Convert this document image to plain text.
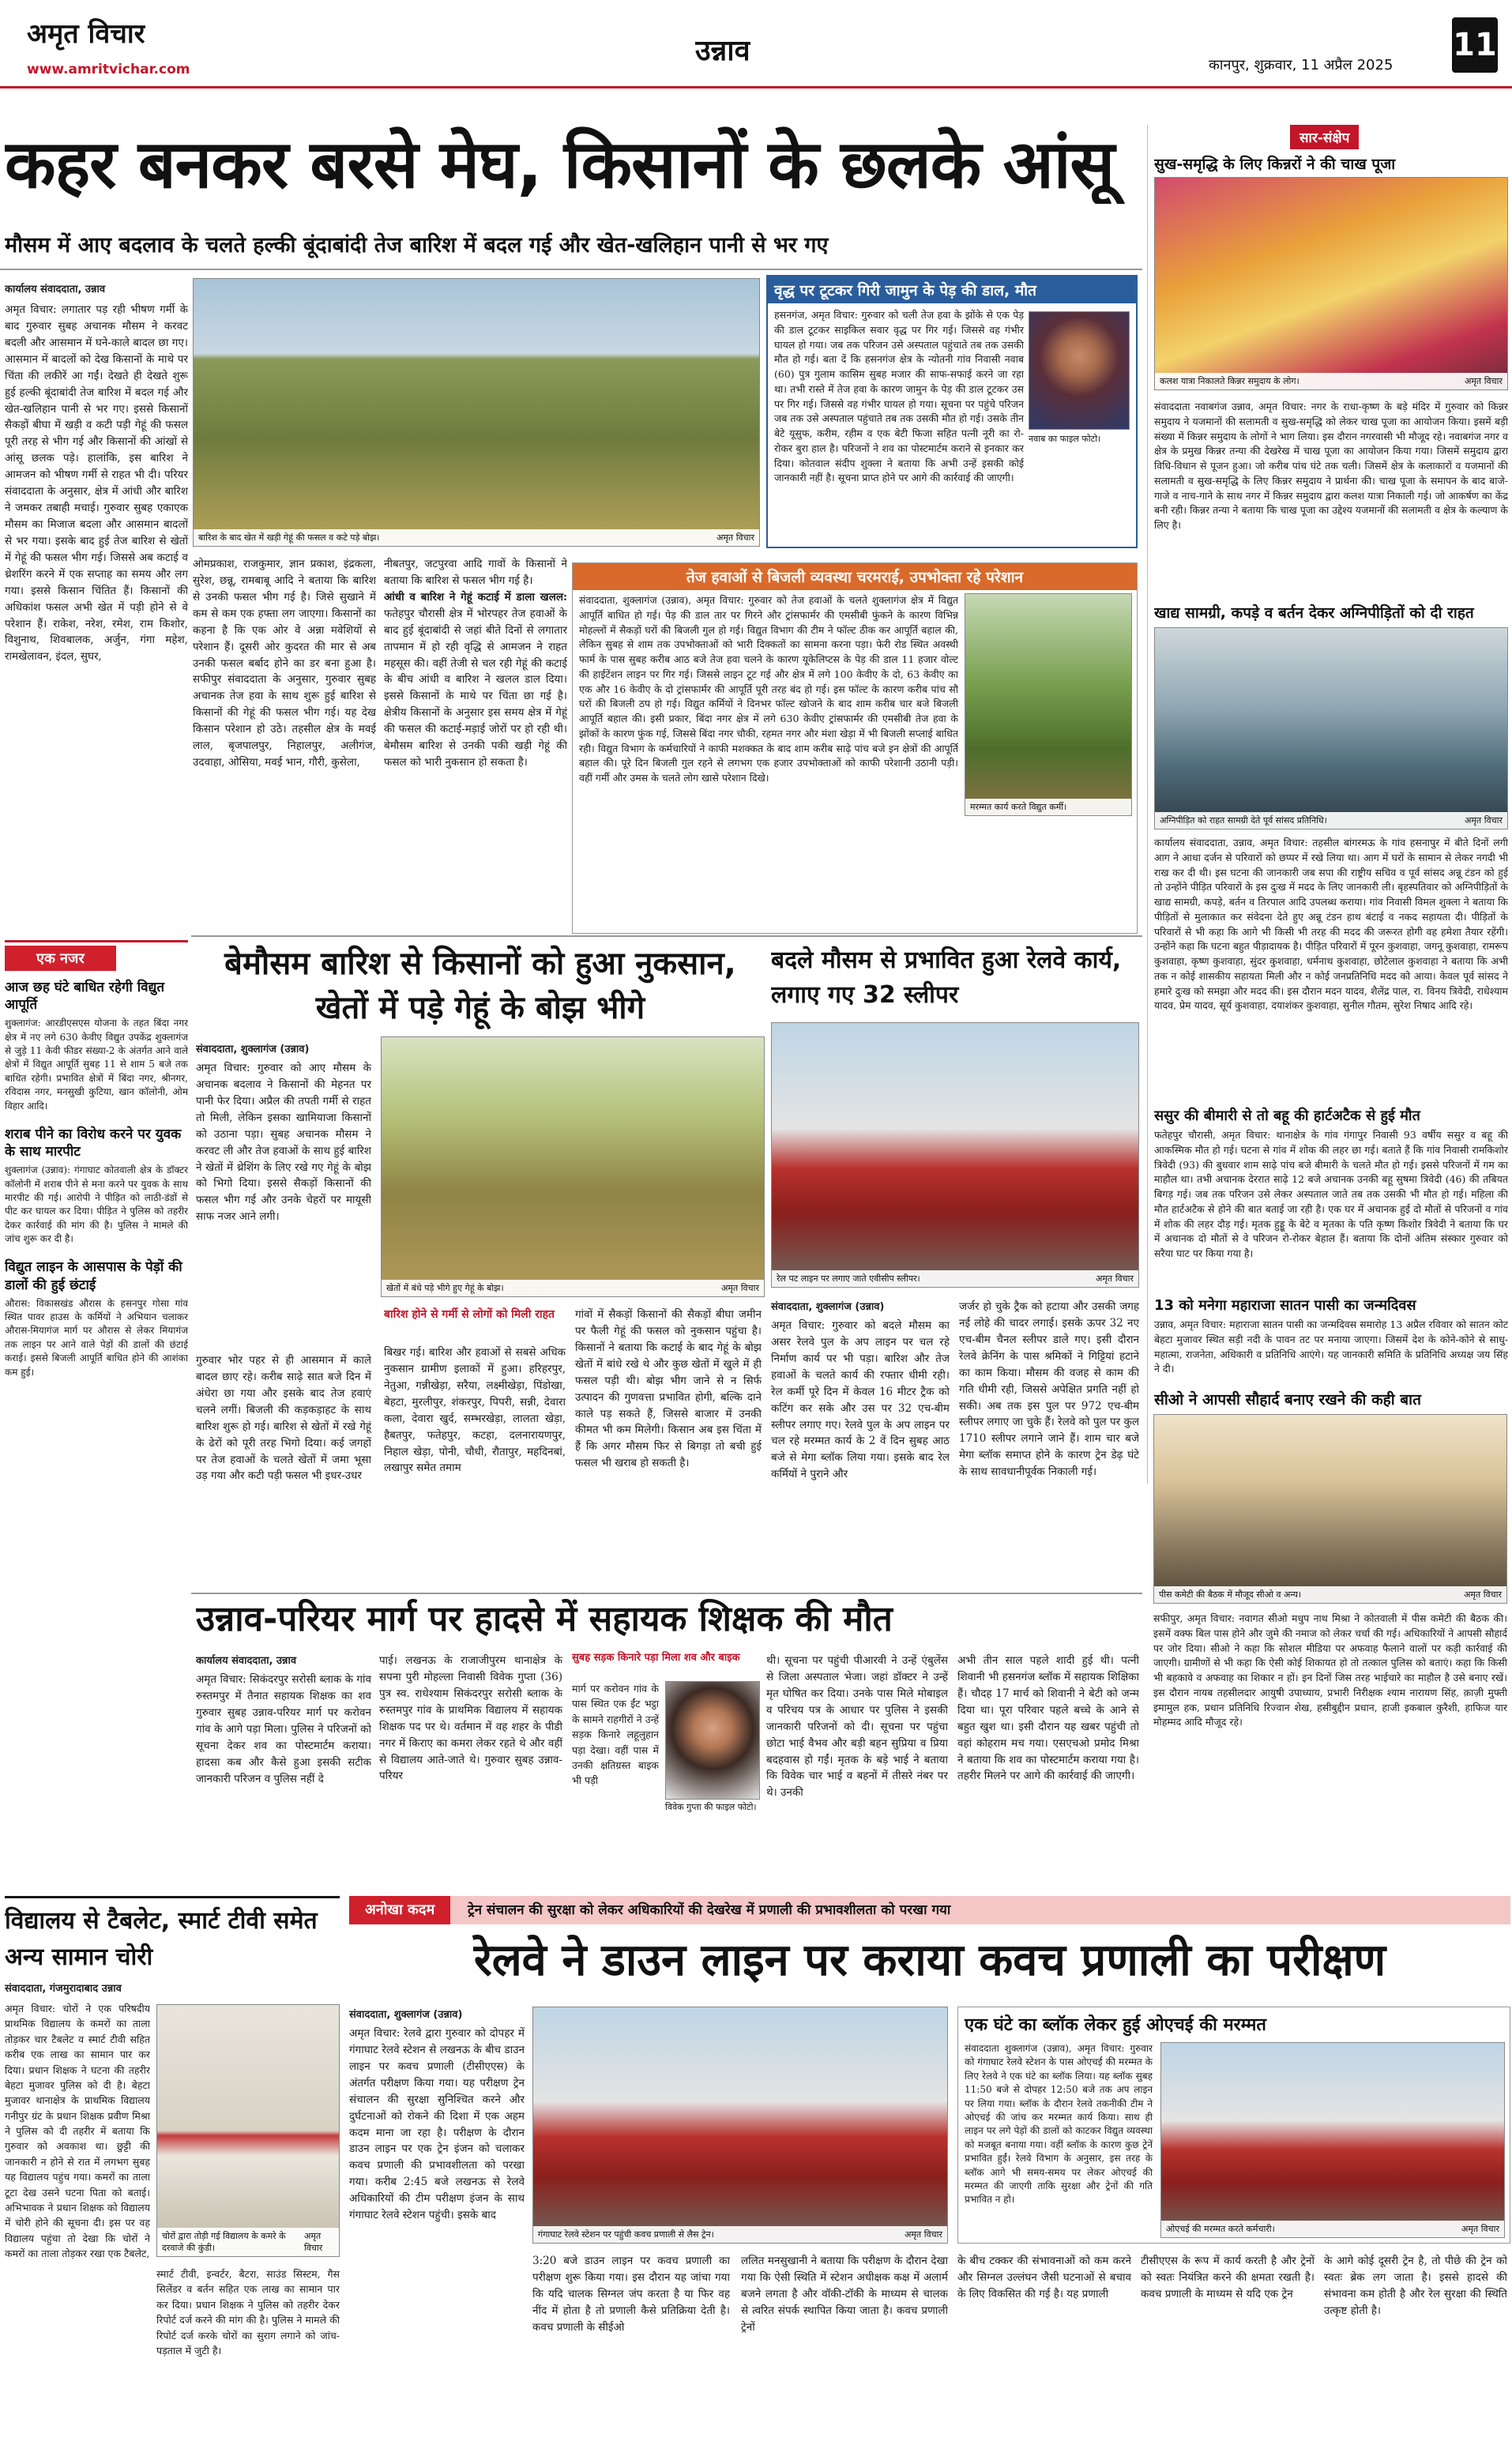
अमृत विचार
www.amritvichar.com
उन्नाव	कानपुर, शुक्रवार, 11 अप्रैल 2025
11
कहर बनकर बरसे मेघ, किसानों के छलके आंसू
मौसम में आए बदलाव के चलते हल्की बूंदाबांदी तेज बारिश में बदल गई और खेत-खलिहान पानी से भर गए
कार्यालय संवाददाता, उन्नाव
अमृत विचार: लगातार पड़ रही भीषण गर्मी के बाद गुरुवार सुबह अचानक मौसम ने करवट बदली और आसमान में घने-काले बादल छा गए। आसमान में बादलों को देख किसानों के माथे पर चिंता की लकीरें आ गईं। देखते ही देखते शुरू हुई हल्की बूंदाबांदी तेज बारिश में बदल गई और खेत-खलिहान पानी से भर गए। इससे किसानों सैकड़ों बीघा में खड़ी व कटी पड़ी गेहूं की फसल पूरी तरह से भीग गई और किसानों की आंखों से आंसू छलक पड़े। हालांकि, इस बारिश ने आमजन को भीषण गर्मी से राहत भी दी। परियर संवाददाता के अनुसार, क्षेत्र में आंधी और बारिश ने जमकर तबाही मचाई। गुरुवार सुबह एकाएक मौसम का मिजाज बदला और आसमान बादलों से भर गया। इसके बाद हुई तेज बारिश से खेतों में गेहूं की फसल भीग गई। जिससे अब कटाई व थ्रेशरिंग करने में एक सप्ताह का समय और लग गया। इससे किसान चिंतित हैं। किसानों की अधिकांश फसल अभी खेत में पड़ी होने से वे परेशान हैं। राकेश, नरेश, रमेश, राम किशोर, विशुनाथ, शिवबालक, अर्जुन, गंगा महेश, रामखेलावन, इंदल, सुघर,
बारिश के बाद खेत में खड़ी गेहूं की फसल व कटे पड़े बोझ।	अमृत विचार
ओमप्रकाश, राजकुमार, ज्ञान प्रकाश, इंद्रकला, सुरेश, छन्नू, रामबाबू आदि ने बताया कि बारिश से उनकी फसल भीग गई है। जिसे सुखाने में कम से कम एक हफ्ता लग जाएगा। किसानों का कहना है कि एक ओर वे अन्ना मवेशियों से परेशान हैं। दूसरी ओर कुदरत की मार से अब उनकी फसल बर्बाद होने का डर बना हुआ है। सफीपुर संवाददाता के अनुसार, गुरुवार सुबह अचानक तेज हवा के साथ शुरू हुई बारिश से किसानों की गेहूं की फसल भीग गई। यह देख किसान परेशान हो उठे। तहसील क्षेत्र के मवई लाल, बृजपालपुर, निहालपुर, अलीगंज, उदवाहा, ओसिया, मवई भान, गौरी, कुसेला,
नीबतपुर, जटपुरवा आदि गावों के किसानों ने बताया कि बारिश से फसल भीग गई है।
आंधी व बारिश ने गेहूं कटाई में डाला खलल: फतेहपुर चौरासी क्षेत्र में भोरपहर तेज हवाओं के बाद हुई बूंदाबांदी से जहां बीते दिनों से लगातार तापमान में हो रही वृद्धि से आमजन ने राहत महसूस की। वहीं तेजी से चल रही गेहूं की कटाई के बीच आंधी व बारिश ने खलल डाल दिया। इससे किसानों के माथे पर चिंता छा गई है। क्षेत्रीय किसानों के अनुसार इस समय क्षेत्र में गेहूं की फसल की कटाई-मड़ाई जोरों पर हो रही थी। बेमौसम बारिश से उनकी पकी खड़ी गेहूं की फसल को भारी नुकसान हो सकता है।
वृद्ध पर टूटकर गिरी जामुन के पेड़ की डाल, मौत
नवाब का फाइल फोटो।
हसनगंज, अमृत विचार: गुरुवार को चली तेज हवा के झोंके से एक पेड़ की डाल टूटकर साइकिल सवार वृद्ध पर गिर गई। जिससे वह गंभीर घायल हो गया। जब तक परिजन उसे अस्पताल पहुंचाते तब तक उसकी मौत हो गई। बता दें कि हसनगंज क्षेत्र के न्योतनी गांव निवासी नवाब (60) पुत्र गुलाम कासिम सुबह मजार की साफ-सफाई करने जा रहा था। तभी रास्ते में तेज हवा के कारण जामुन के पेड़ की डाल टूटकर उस पर गिर गई। जिससे वह गंभीर घायल हो गया। सूचना पर पहुंचे परिजन जब तक उसे अस्पताल पहुंचाते तब तक उसकी मौत हो गई। उसके तीन बेटे यूसुफ, करीम, रहीम व एक बेटी फिजा सहित पत्नी नूरी का रो-रोकर बुरा हाल है। परिजनों ने शव का पोस्टमार्टम कराने से इनकार कर दिया। कोतवाल संदीप शुक्ला ने बताया कि अभी उन्हें इसकी कोई जानकारी नहीं है। सूचना प्राप्त होने पर आगे की कार्रवाई की जाएगी।
तेज हवाओं से बिजली व्यवस्था चरमराई, उपभोक्ता रहे परेशान
संवाददाता, शुक्लागंज (उन्नाव), अमृत विचार: गुरुवार को तेज हवाओं के चलते शुक्लागंज क्षेत्र में विद्युत आपूर्ति बाधित हो गई। पेड़ की डाल तार पर गिरने और ट्रांसफार्मर की एमसीबी फुंकने के कारण विभिन्न मोहल्लों में सैकड़ों घरों की बिजली गुल हो गई। विद्युत विभाग की टीम ने फॉल्ट ठीक कर आपूर्ति बहाल की, लेकिन सुबह से शाम तक उपभोक्ताओं को भारी दिक्कतों का सामना करना पड़ा। फेरी रोड स्थित अवस्थी फार्म के पास सुबह करीब आठ बजे तेज हवा चलने के कारण यूकेलिप्टस के पेड़ की डाल 11 हजार वोल्ट की हाईटेंशन लाइन पर गिर गई। जिससे लाइन टूट गई और क्षेत्र में लगे 100 केवीए के दो, 63 केवीए का एक और 16 केवीए के दो ट्रांसफार्मर की आपूर्ति पूरी तरह बंद हो गई। इस फॉल्ट के कारण करीब पांच सौ घरों की बिजली ठप हो गई। विद्युत कर्मियों ने दिनभर फॉल्ट खोजने के बाद शाम करीब चार बजे बिजली आपूर्ति बहाल की। इसी प्रकार, बिंदा नगर क्षेत्र में लगे 630 केवीए ट्रांसफार्मर की एमसीबी तेज हवा के झोंकों के कारण फुंक गई, जिससे बिंदा नगर चौकी, रहमत नगर और मंशा खेड़ा में भी बिजली सप्लाई बाधित रही। विद्युत विभाग के कर्मचारियों ने काफी मशक्कत के बाद शाम करीब साढ़े पांच बजे इन क्षेत्रों की आपूर्ति बहाल की। पूरे दिन बिजली गुल रहने से लगभग एक हजार उपभोक्ताओं को काफी परेशानी उठानी पड़ी। वहीं गर्मी और उमस के चलते लोग खासे परेशान दिखे।
मरम्मत कार्य करते विद्युत कर्मी।
सार-संक्षेप
सुख-समृद्धि के लिए किन्नरों ने की चाख पूजा
कलश यात्रा निकालते किन्नर समुदाय के लोग।	अमृत विचार
संवाददाता नवाबगंज उन्नाव, अमृत विचार: नगर के राधा-कृष्ण के बड़े मंदिर में गुरुवार को किन्नर समुदाय ने यजमानों की सलामती व सुख-समृद्धि को लेकर चाख पूजा का आयोजन किया। इसमें बड़ी संख्या में किन्नर समुदाय के लोगों ने भाग लिया। इस दौरान नगरवासी भी मौजूद रहे। नवाबगंज नगर व क्षेत्र के प्रमुख किन्नर तन्या की देखरेख में चाख पूजा का आयोजन किया गया। जिसमें समुदाय द्वारा विधि-विधान से पूजन हुआ। जो करीब पांच घंटे तक चली। जिसमें क्षेत्र के कलाकारों व यजमानों की सलामती व सुख-समृद्धि के लिए किन्नर समुदाय ने प्रार्थना की। चाख पूजा के समापन के बाद बाजे-गाजे व नाच-गाने के साथ नगर में किन्नर समुदाय द्वारा कलश यात्रा निकाली गई। जो आकर्षण का केंद्र बनी रही। किन्नर तन्या ने बताया कि चाख पूजा का उद्देश्य यजमानों की सलामती व क्षेत्र के कल्याण के लिए है।
खाद्य सामग्री, कपड़े व बर्तन देकर अग्निपीड़ितों को दी राहत
अग्निपीड़ित को राहत सामग्री देते पूर्व सांसद प्रतिनिधि।	अमृत विचार
कार्यालय संवाददाता, उन्नाव, अमृत विचार: तहसील बांगरमऊ के गांव हसनापुर में बीते दिनों लगी आग ने आधा दर्जन से परिवारों को छप्पर में रखे लिया था। आग में घरों के सामान से लेकर नगदी भी राख कर दी थी। इस घटना की जानकारी जब सपा की राष्ट्रीय सचिव व पूर्व सांसद अन्नू टंडन को हुई तो उन्होंने पीड़ित परिवारों के इस दुःख में मदद के लिए जानकारी ली। बृहस्पतिवार को अग्निपीड़ितों के खाद्य सामग्री, कपड़े, बर्तन व तिरपाल आदि उपलब्ध कराया। गांव निवासी विमल शुक्ला ने बताया कि पीड़ितों से मुलाकात कर संवेदना देते हुए अन्नू टंडन हाथ बंटाई व नकद सहायता दी। पीड़ितों के परिवारों से भी कहा कि आगे भी किसी भी तरह की मदद की जरूरत होगी वह हमेशा तैयार रहेंगी। उन्होंने कहा कि घटना बहुत पीड़ादायक है। पीड़ित परिवारों में पूरन कुशवाहा, जगनू कुशवाहा, रामरूप कुशवाहा, कृष्ण कुशवाहा, सुंदर कुशवाहा, धर्मनाथ कुशवाहा, छोटेलाल कुशवाहा ने बताया कि अभी तक न कोई शासकीय सहायता मिली और न कोई जनप्रतिनिधि मदद को आया। केवल पूर्व सांसद ने हमारे दुःख को समझा और मदद की। इस दौरान मदन यादव, शैलेंद्र पाल, रा. विनय त्रिवेदी, राधेश्याम यादव, प्रेम यादव, सूर्य कुशवाहा, दयाशंकर कुशवाहा, सुनील गौतम, सुरेश निषाद आदि रहे।
ससुर की बीमारी से तो बहू की हार्टअटैक से हुई मौत
फतेहपुर चौरासी, अमृत विचार: थानाक्षेत्र के गांव गंगापुर निवासी 93 वर्षीय ससुर व बहू की आकस्मिक मौत हो गई। घटना से गांव में शोक की लहर छा गई। बताते हैं कि गांव निवासी रामकिशोर त्रिवेदी (93) की बुधवार शाम साढ़े पांच बजे बीमारी के चलते मौत हो गई। इससे परिजनों में गम का माहौल था। तभी अचानक देररात साढ़े 12 बजे अचानक उनकी बहू सुषमा त्रिवेदी (46) की तबियत बिगड़ गई। जब तक परिजन उसे लेकर अस्पताल जाते तब तक उसकी भी मौत हो गई। महिला की मौत हार्टअटैक से होने की बात बताई जा रही है। एक घर में अचानक हुई दो मौतों से परिजनों व गांव में शोक की लहर दौड़ गई। मृतक हुड्डू के बेटे व मृतका के पति कृष्ण किशोर त्रिवेदी ने बताया कि घर में अचानक दो मौतों से वे परिजन रो-रोकर बेहाल हैं। बताया कि दोनों अंतिम संस्कार गुरुवार को सरैया घाट पर किया गया है।
13 को मनेगा महाराजा सातन पासी का जन्मदिवस
उन्नाव, अमृत विचार: महाराजा सातन पासी का जन्मदिवस समारोह 13 अप्रैल रविवार को सातन कोट बेहटा मुजावर स्थित सड़ी नदी के पावन तट पर मनाया जाएगा। जिसमें देश के कोने-कोने से साधु-महात्मा, राजनेता, अधिकारी व प्रतिनिधि आएंगे। यह जानकारी समिति के प्रतिनिधि अध्यक्ष जय सिंह ने दी।
सीओ ने आपसी सौहार्द बनाए रखने की कही बात
पीस कमेटी की बैठक में मौजूद सीओ व अन्य।	अमृत विचार
सफीपुर, अमृत विचार: नवागत सीओ मधुप नाथ मिश्रा ने कोतवाली में पीस कमेटी की बैठक की। इसमें वक्फ बिल पास होने और जुमे की नमाज को लेकर चर्चा की गई। अधिकारियों ने आपसी सौहार्द पर जोर दिया। सीओ ने कहा कि सोशल मीडिया पर अफवाह फैलाने वालों पर कड़ी कार्रवाई की जाएगी। ग्रामीणों से भी कहा कि ऐसी कोई शिकायत हो तो तत्काल पुलिस को बताएं। कहा कि किसी भी बहकावे व अफवाह का शिकार न हों। इन दिनों जिस तरह भाईचारे का माहौल है उसे बनाए रखें। इस दौरान नायब तहसीलदार आयुषी उपाध्याय, प्रभारी निरीक्षक श्याम नारायण सिंह, क़ाज़ी मुफ्ती इमामुल हक, प्रधान प्रतिनिधि रिज्वान शेख, हसीबुद्दीन प्रधान, हाजी इकबाल कुरैशी, हाफिज यार मोहम्मद आदि मौजूद रहे।
एक नजर
आज छह घंटे बाधित रहेगी विद्युत आपूर्ति
शुक्लागंज: आरडीएसएस योजना के तहत बिंदा नगर क्षेत्र में नए लगे 630 केवीए विद्युत उपकेंद्र शुक्लागंज से जुड़े 11 केवी फीडर संख्या-2 के अंतर्गत आने वाले क्षेत्रों में विद्युत आपूर्ति सुबह 11 से शाम 5 बजे तक बाधित रहेगी। प्रभावित क्षेत्रों में बिंदा नगर, श्रीनगर, रविदास नगर, मनसुखी कुटिया, खान कॉलोनी, ओम विहार आदि।
शराब पीने का विरोध करने पर युवक के साथ मारपीट
शुक्लागंज (उन्नाव): गंगाघाट कोतवाली क्षेत्र के डॉक्टर कॉलोनी में शराब पीने से मना करने पर युवक के साथ मारपीट की गई। आरोपी ने पीड़ित को लाठी-डंडों से पीट कर घायल कर दिया। पीड़ित ने पुलिस को तहरीर देकर कार्रवाई की मांग की है। पुलिस ने मामले की जांच शुरू कर दी है।
विद्युत लाइन के आसपास के पेड़ों की डालों की हुई छंटाई
औरास: विकासखंड औरास के हसनपुर गोसा गांव स्थित पावर हाउस के कर्मियों ने अभियान चलाकर औरास-मियागंज मार्ग पर औरास से लेकर मियागंज तक लाइन पर आने वाले पेड़ों की डालों की छंटाई कराई। इससे बिजली आपूर्ति बाधित होने की आशंका कम हुई।
बेमौसम बारिश से किसानों को हुआ नुकसान, खेतों में पड़े गेहूं के बोझ भीगे
संवाददाता, शुक्लागंज (उन्नाव)
अमृत विचार: गुरुवार को आए मौसम के अचानक बदलाव ने किसानों की मेहनत पर पानी फेर दिया। अप्रैल की तपती गर्मी से राहत तो मिली, लेकिन इसका खामियाजा किसानों को उठाना पड़ा। सुबह अचानक मौसम ने करवट ली और तेज हवाओं के साथ हुई बारिश ने खेतों में थ्रेशिंग के लिए रखे गए गेहूं के बोझ को भिगो दिया। इससे सैकड़ों किसानों की फसल भीग गई और उनके चेहरों पर मायूसी साफ नजर आने लगी।
खेतों में बंधे पड़े भीगे हुए गेहूं के बोझ।	अमृत विचार
बारिश होने से गर्मी से लोगों को मिली राहत
गुरुवार भोर पहर से ही आसमान में काले बादल छाए रहे। करीब साढ़े सात बजे दिन में अंधेरा छा गया और इसके बाद तेज हवाएं चलने लगीं। बिजली की कड़कड़ाहट के साथ बारिश शुरू हो गई। बारिश से खेतों में रखे गेहूं के ढेरों को पूरी तरह भिगो दिया। कई जगहों पर तेज हवाओं के चलते खेतों में जमा भूसा उड़ गया और कटी पड़ी फसल भी इधर-उधर
बिखर गई। बारिश और हवाओं से सबसे अधिक नुकसान ग्रामीण इलाकों में हुआ। हरिहरपुर, नेतुआ, गन्नीखेड़ा, सरैया, लक्ष्मीखेड़ा, पिंडोखा, बेहटा, मुरलीपुर, शंकरपुर, पिपरी, सन्नी, देवारा कला, देवारा खुर्द, सम्भरखेड़ा, लालता खेड़ा, हैबतपुर, फतेहपुर, कटहा, दलनारायणपुर, निहाल खेड़ा, पोनी, चौधी, रौतापुर, महदिनबां, लखापुर समेत तमाम
गांवों में सैकड़ों किसानों की सैकड़ों बीघा जमीन पर फैली गेहूं की फसल को नुकसान पहुंचा है। किसानों ने बताया कि कटाई के बाद गेहूं के बोझ खेतों में बांधे रखे थे और कुछ खेतों में खुले में ही फसल पड़ी थी। बोझ भीग जाने से न सिर्फ उत्पादन की गुणवत्ता प्रभावित होगी, बल्कि दाने काले पड़ सकते हैं, जिससे बाजार में उनकी कीमत भी कम मिलेगी। किसान अब इस चिंता में हैं कि अगर मौसम फिर से बिगड़ा तो बची हुई फसल भी खराब हो सकती है।
बदले मौसम से प्रभावित हुआ रेलवे कार्य, लगाए गए 32 स्लीपर
रेल पट लाइन पर लगाए जाते एवीसीप स्लीपर।	अमृत विचार
संवाददाता, शुक्लागंज (उन्नाव)
अमृत विचार: गुरुवार को बदले मौसम का असर रेलवे पुल के अप लाइन पर चल रहे निर्माण कार्य पर भी पड़ा। बारिश और तेज हवाओं के चलते कार्य की रफ्तार धीमी रही। रेल कर्मी पूरे दिन में केवल 16 मीटर ट्रैक को कटिंग कर सके और उस पर 32 एच-बीम स्लीपर लगाए गए। रेलवे पुल के अप लाइन पर चल रहे मरम्मत कार्य के 2 वें दिन सुबह आठ बजे से मेगा ब्लॉक लिया गया। इसके बाद रेल कर्मियों ने पुराने और
जर्जर हो चुके ट्रैक को हटाया और उसकी जगह नई लोहे की चादर लगाई। इसके ऊपर 32 नए एच-बीम चैनल स्लीपर डाले गए। इसी दौरान रेलवे क्रेनिंग के पास श्रमिकों ने गिट्टियां हटाने का काम किया। मौसम की वजह से काम की गति धीमी रही, जिससे अपेक्षित प्रगति नहीं हो सकी। अब तक इस पुल पर 972 एच-बीम स्लीपर लगाए जा चुके हैं। रेलवे को पुल पर कुल 1710 स्लीपर लगाने जाने हैं। शाम चार बजे मेगा ब्लॉक समाप्त होने के कारण ट्रेन डेढ़ घंटे के साथ सावधानीपूर्वक निकाली गई।
उन्नाव-परियर मार्ग पर हादसे में सहायक शिक्षक की मौत
कार्यालय संवाददाता, उन्नाव
अमृत विचार: सिकंदरपुर सरोसी ब्लाक के गांव रुस्तमपुर में तैनात सहायक शिक्षक का शव गुरुवार सुबह उन्नाव-परियर मार्ग पर करोवन गांव के आगे पड़ा मिला। पुलिस ने परिजनों को सूचना देकर शव का पोस्टमार्टम कराया। हादसा कब और कैसे हुआ इसकी सटीक जानकारी परिजन व पुलिस नहीं दे
पाई। लखनऊ के राजाजीपुरम थानाक्षेत्र के सपना पुरी मोहल्ला निवासी विवेक गुप्ता (36) पुत्र स्व. राधेश्याम सिकंदरपुर सरोसी ब्लाक के रुस्तमपुर गांव के प्राथमिक विद्यालय में सहायक शिक्षक पद पर थे। वर्तमान में वह शहर के पीडी नगर में किराए का कमरा लेकर रहते थे और वहीं से विद्यालय आते-जाते थे। गुरुवार सुबह उन्नाव-परियर
सुबह सड़क किनारे पड़ा मिला शव और बाइक
मार्ग पर करोवन गांव के पास स्थित एक ईंट भट्ठा के सामने राहगीरों ने उन्हें सड़क किनारे लहूलुहान पड़ा देखा। वहीं पास में उनकी क्षतिग्रस्त बाइक भी पड़ी
विवेक गुप्ता की फाइल फोटो।
थी। सूचना पर पहुंची पीआरवी ने उन्हें एंबुलेंस से जिला अस्पताल भेजा। जहां डॉक्टर ने उन्हें मृत घोषित कर दिया। उनके पास मिले मोबाइल व परिचय पत्र के आधार पर पुलिस ने इसकी जानकारी परिजनों को दी। सूचना पर पहुंचा छोटा भाई वैभव और बड़ी बहन सुप्रिया व प्रिया बदहवास हो गईं। मृतक के बड़े भाई ने बताया कि विवेक चार भाई व बहनों में तीसरे नंबर पर थे। उनकी
अभी तीन साल पहले शादी हुई थी। पत्नी शिवानी भी हसनगंज ब्लॉक में सहायक शिक्षिका हैं। चौदह 17 मार्च को शिवानी ने बेटी को जन्म दिया था। पूरा परिवार पहले बच्चे के आने से बहुत खुश था। इसी दौरान यह खबर पहुंची तो वहां कोहराम मच गया। एसएचओ प्रमोद मिश्रा ने बताया कि शव का पोस्टमार्टम कराया गया है। तहरीर मिलने पर आगे की कार्रवाई की जाएगी।
विद्यालय से टैबलेट, स्मार्ट टीवी समेत अन्य सामान चोरी
संवाददाता, गंजमुरादाबाद उन्नाव
अमृत विचार: चोरों ने एक परिषदीय प्राथमिक विद्यालय के कमरों का ताला तोड़कर चार टैबलेट व स्मार्ट टीवी सहित करीब एक लाख का सामान पार कर दिया। प्रधान शिक्षक ने घटना की तहरीर बेहटा मुजावर पुलिस को दी है। बेहटा मुजावर थानाक्षेत्र के प्राथमिक विद्यालय गनीपुर ग्रंट के प्रधान शिक्षक प्रवीण मिश्रा ने पुलिस को दी तहरीर में बताया कि गुरुवार को अवकाश था। छुट्टी की जानकारी न होने से रात में लगभग सुबह यह विद्यालय पहुंच गया। कमरों का ताला टूटा देख उसने घटना पिता को बताई। अभिभावक ने प्रधान शिक्षक को विद्यालय में चोरी होने की सूचना दी। इस पर वह विद्यालय पहुंचा तो देखा कि चोरों ने कमरों का ताला तोड़कर रखा एक टैबलेट,
चोरों द्वारा तोड़ी गई विद्यालय के कमरे के दरवाजे की कुंडी।
अमृत विचार
स्मार्ट टीवी, इन्वर्टर, बैटरा, साउंड सिस्टम, गैस सिलेंडर व बर्तन सहित एक लाख का सामान पार कर दिया। प्रधान शिक्षक ने पुलिस को तहरीर देकर रिपोर्ट दर्ज करने की मांग की है। पुलिस ने मामले की रिपोर्ट दर्ज करके चोरों का सुराग लगाने को जांच-पड़ताल में जुटी है।
अनोखा कदम	ट्रेन संचालन की सुरक्षा को लेकर अधिकारियों की देखरेख में प्रणाली की प्रभावशीलता को परखा गया
रेलवे ने डाउन लाइन पर कराया कवच प्रणाली का परीक्षण
संवाददाता, शुक्लागंज (उन्नाव)
अमृत विचार: रेलवे द्वारा गुरुवार को दोपहर में गंगाघाट रेलवे स्टेशन से लखनऊ के बीच डाउन लाइन पर कवच प्रणाली (टीसीएएस) के अंतर्गत परीक्षण किया गया। यह परीक्षण ट्रेन संचालन की सुरक्षा सुनिश्चित करने और दुर्घटनाओं को रोकने की दिशा में एक अहम कदम माना जा रहा है। परीक्षण के दौरान डाउन लाइन पर एक ट्रेन इंजन को चलाकर कवच प्रणाली की प्रभावशीलता को परखा गया। करीब 2:45 बजे लखनऊ से रेलवे अधिकारियों की टीम परीक्षण इंजन के साथ गंगाघाट रेलवे स्टेशन पहुंची। इसके बाद
गंगाघाट रेलवे स्टेशन पर पहुंची कवच प्रणाली से लैस ट्रेन।	अमृत विचार
3:20 बजे डाउन लाइन पर कवच प्रणाली का परीक्षण शुरू किया गया। इस दौरान यह जांचा गया कि यदि चालक सिग्नल जंप करता है या फिर वह नींद में होता है तो प्रणाली कैसे प्रतिक्रिया देती है। कवच प्रणाली के सीईओ
ललित मनसुखानी ने बताया कि परीक्षण के दौरान देखा गया कि ऐसी स्थिति में स्टेशन अधीक्षक कक्ष में अलार्म बजने लगता है और वॉकी-टॉकी के माध्यम से चालक से त्वरित संपर्क स्थापित किया जाता है। कवच प्रणाली ट्रेनों
के बीच टक्कर की संभावनाओं को कम करने और सिग्नल उल्लंघन जैसी घटनाओं से बचाव के लिए विकसित की गई है। यह प्रणाली
टीसीएएस के रूप में कार्य करती है और ट्रेनों को स्वतः नियंत्रित करने की क्षमता रखती है। कवच प्रणाली के माध्यम से यदि एक ट्रेन
के आगे कोई दूसरी ट्रेन है, तो पीछे की ट्रेन को स्वतः ब्रेक लग जाता है। इससे हादसे की संभावना कम होती है और रेल सुरक्षा की स्थिति उत्कृष्ट होती है।
एक घंटे का ब्लॉक लेकर हुई ओएचई की मरम्मत
संवाददाता शुक्लागंज (उन्नाव), अमृत विचार: गुरुवार को गंगाघाट रेलवे स्टेशन के पास ओएचई की मरम्मत के लिए रेलवे ने एक घंटे का ब्लॉक लिया। यह ब्लॉक सुबह 11:50 बजे से दोपहर 12:50 बजे तक अप लाइन पर लिया गया। ब्लॉक के दौरान रेलवे तकनीकी टीम ने ओएचई की जांच कर मरम्मत कार्य किया। साथ ही लाइन पर लगे पेड़ों की डालों को काटकर विद्युत व्यवस्था को मजबूत बनाया गया। वहीं ब्लॉक के कारण कुछ ट्रेनें प्रभावित हुईं। रेलवे विभाग के अनुसार, इस तरह के ब्लॉक आगे भी समय-समय पर लेकर ओएचई की मरम्मत की जाएगी ताकि सुरक्षा और ट्रेनों की गति प्रभावित न हो।
ओएचई की मरम्मत करते कर्मचारी।	अमृत विचार
